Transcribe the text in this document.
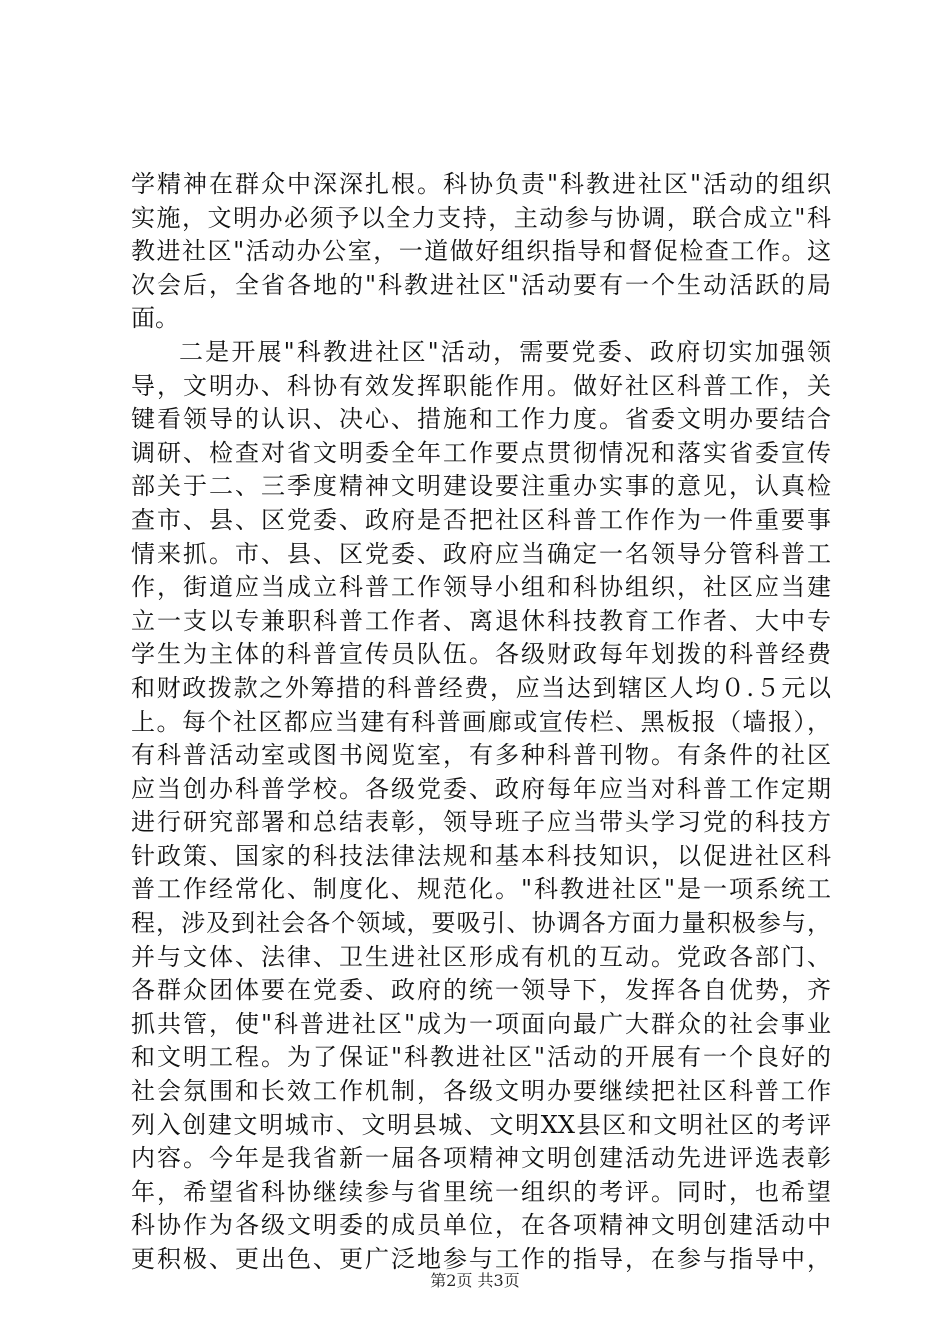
学精神在群众中深深扎根。科协负责"科教进社区"活动的组织
实施，文明办必须予以全力支持，主动参与协调，联合成立"科
教进社区"活动办公室，一道做好组织指导和督促检查工作。这
次会后，全省各地的"科教进社区"活动要有一个生动活跃的局
面。
二是开展"科教进社区"活动，需要党委、政府切实加强领
导，文明办、科协有效发挥职能作用。做好社区科普工作，关
键看领导的认识、决心、措施和工作力度。省委文明办要结合
调研、检查对省文明委全年工作要点贯彻情况和落实省委宣传
部关于二、三季度精神文明建设要注重办实事的意见，认真检
查市、县、区党委、政府是否把社区科普工作作为一件重要事
情来抓。市、县、区党委、政府应当确定一名领导分管科普工
作，街道应当成立科普工作领导小组和科协组织，社区应当建
立一支以专兼职科普工作者、离退休科技教育工作者、大中专
学生为主体的科普宣传员队伍。各级财政每年划拨的科普经费
和财政拨款之外筹措的科普经费，应当达到辖区人均０.５元以
上。每个社区都应当建有科普画廊或宣传栏、黑板报（墙报），
有科普活动室或图书阅览室，有多种科普刊物。有条件的社区
应当创办科普学校。各级党委、政府每年应当对科普工作定期
进行研究部署和总结表彰，领导班子应当带头学习党的科技方
针政策、国家的科技法律法规和基本科技知识，以促进社区科
普工作经常化、制度化、规范化。"科教进社区"是一项系统工
程，涉及到社会各个领域，要吸引、协调各方面力量积极参与，
并与文体、法律、卫生进社区形成有机的互动。党政各部门、
各群众团体要在党委、政府的统一领导下，发挥各自优势，齐
抓共管，使"科普进社区"成为一项面向最广大群众的社会事业
和文明工程。为了保证"科教进社区"活动的开展有一个良好的
社会氛围和长效工作机制，各级文明办要继续把社区科普工作
列入创建文明城市、文明县城、文明XX县区和文明社区的考评
内容。今年是我省新一届各项精神文明创建活动先进评选表彰
年，希望省科协继续参与省里统一组织的考评。同时，也希望
科协作为各级文明委的成员单位，在各项精神文明创建活动中
更积极、更出色、更广泛地参与工作的指导，在参与指导中，
第2页 共3页
